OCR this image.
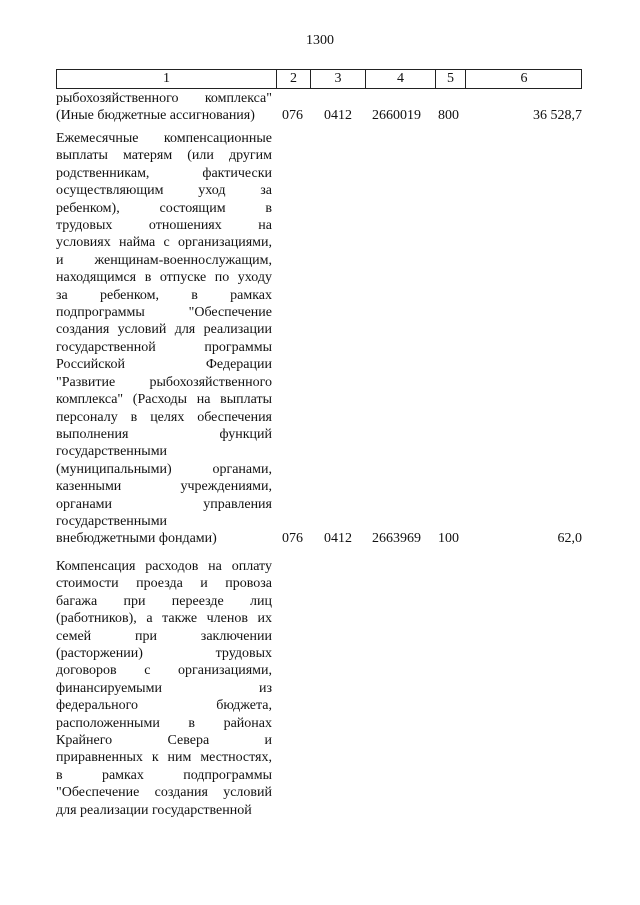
1300
1	2	3	4	5	6
рыбохозяйственного комплекса"
(Иные бюджетные ассигнования)	076 0412 2660019 800	36 528,7
Ежемесячные компенсационные
выплаты матерям (или другим
родственникам, фактически
осуществляющим уход за
ребенком), состоящим в
трудовых отношениях на
условиях найма с организациями,
и женщинам-военнослужащим,
находящимся в отпуске по уходу
за ребенком, в рамках
подпрограммы "Обеспечение
создания условий для реализации
государственной программы
Российской Федерации
"Развитие рыбохозяйственного
комплекса" (Расходы на выплаты
персоналу в целях обеспечения
выполнения функций
государственными
(муниципальными) органами,
казенными учреждениями,
органами управления
государственными
внебюджетными фондами)	076 0412 2663969 100	62,0
Компенсация расходов на оплату
стоимости проезда и провоза
багажа при переезде лиц
(работников), а также членов их
семей при заключении
(расторжении) трудовых
договоров с организациями,
финансируемыми из
федерального бюджета,
расположенными в районах
Крайнего Севера и
приравненных к ним местностях,
в рамках подпрограммы
"Обеспечение создания условий
для реализации государственной
